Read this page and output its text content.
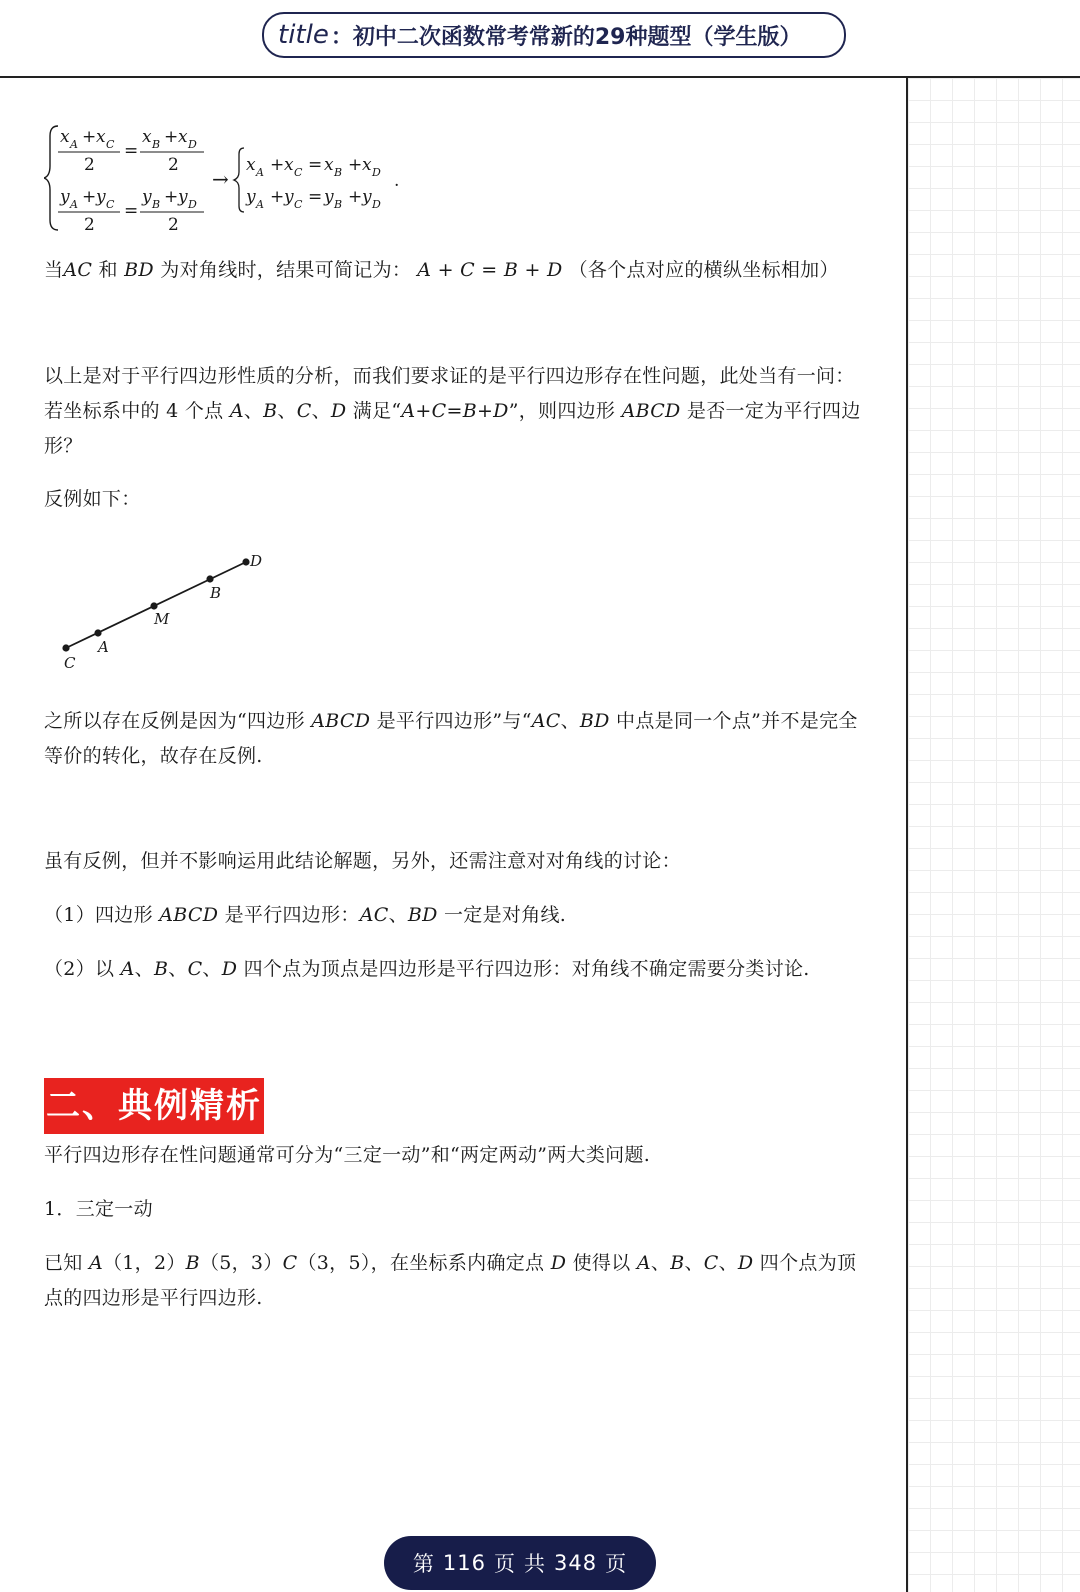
title ： 初中二次函数常考常新的29种题型（学生版）
x A + x C
2
=
x B + x D
2
y A + y C
2
=
y B + y D
2
→
x A + x C = x B + x D
y A + y C = y B + y D
.
当AC 和 BD 为对角线时，结果可简记为： A + C = B + D （各个点对应的横纵坐标相加）
以上是对于平行四边形性质的分析，而我们要求证的是平行四边形存在性问题，此处当有一问：若坐标系中的 4 个点 A、B、C、D 满足“A+C=B+D”，则四边形 ABCD 是否一定为平行四边形？
反例如下：
C
A
M
B
D
之所以存在反例是因为“四边形 ABCD 是平行四边形”与“AC、BD 中点是同一个点”并不是完全等价的转化，故存在反例.
虽有反例，但并不影响运用此结论解题，另外，还需注意对对角线的讨论：
（1）四边形 ABCD 是平行四边形：AC、BD 一定是对角线.
（2）以 A、B、C、D 四个点为顶点是四边形是平行四边形：对角线不确定需要分类讨论.
二、典例精析
平行四边形存在性问题通常可分为“三定一动”和“两定两动”两大类问题.
1．三定一动
已知 A（1，2）B（5，3）C（3，5），在坐标系内确定点 D 使得以 A、B、C、D 四个点为顶点的四边形是平行四边形.
第 116 页 共 348 页
